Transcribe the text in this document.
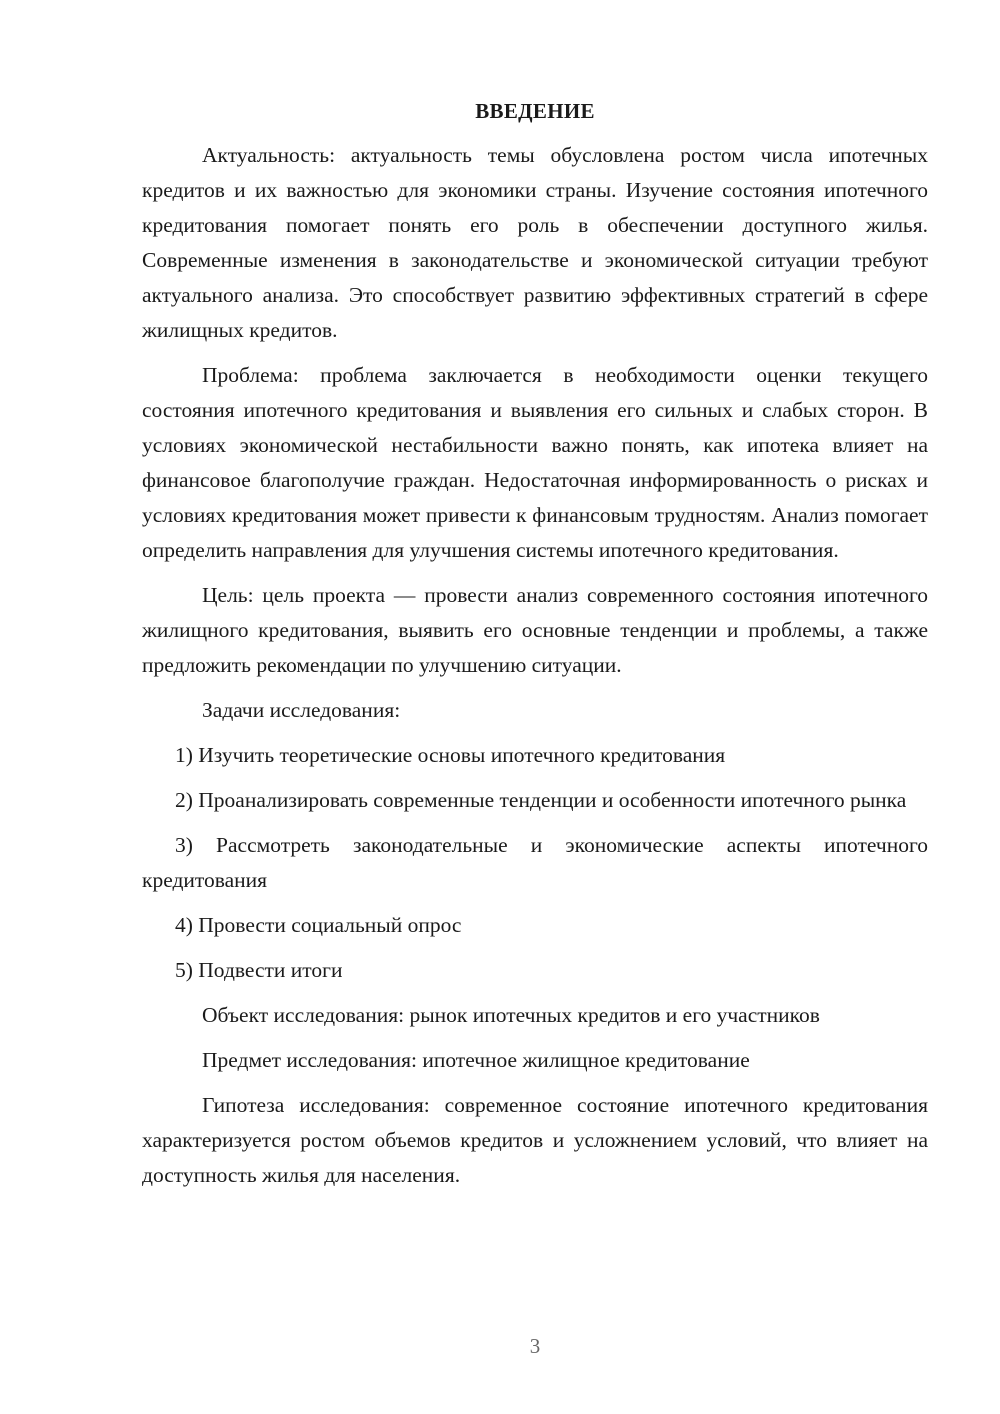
ВВЕДЕНИЕ

Актуальность: актуальность темы обусловлена ростом числа ипотечных кредитов и их важностью для экономики страны. Изучение состояния ипотечного кредитования помогает понять его роль в обеспечении доступного жилья. Современные изменения в законодательстве и экономической ситуации требуют актуального анализа. Это способствует развитию эффективных стратегий в сфере жилищных кредитов.

Проблема: проблема заключается в необходимости оценки текущего состояния ипотечного кредитования и выявления его сильных и слабых сторон. В условиях экономической нестабильности важно понять, как ипотека влияет на финансовое благополучие граждан. Недостаточная информированность о рисках и условиях кредитования может привести к финансовым трудностям. Анализ помогает определить направления для улучшения системы ипотечного кредитования.

Цель: цель проекта — провести анализ современного состояния ипотечного жилищного кредитования, выявить его основные тенденции и проблемы, а также предложить рекомендации по улучшению ситуации.

Задачи исследования:

1) Изучить теоретические основы ипотечного кредитования

2) Проанализировать современные тенденции и особенности ипотечного рынка

3) Рассмотреть законодательные и экономические аспекты ипотечного кредитования

4) Провести социальный опрос

5) Подвести итоги

Объект исследования: рынок ипотечных кредитов и его участников

Предмет исследования: ипотечное жилищное кредитование

Гипотеза исследования: современное состояние ипотечного кредитования характеризуется ростом объемов кредитов и усложнением условий, что влияет на доступность жилья для населения.

3
